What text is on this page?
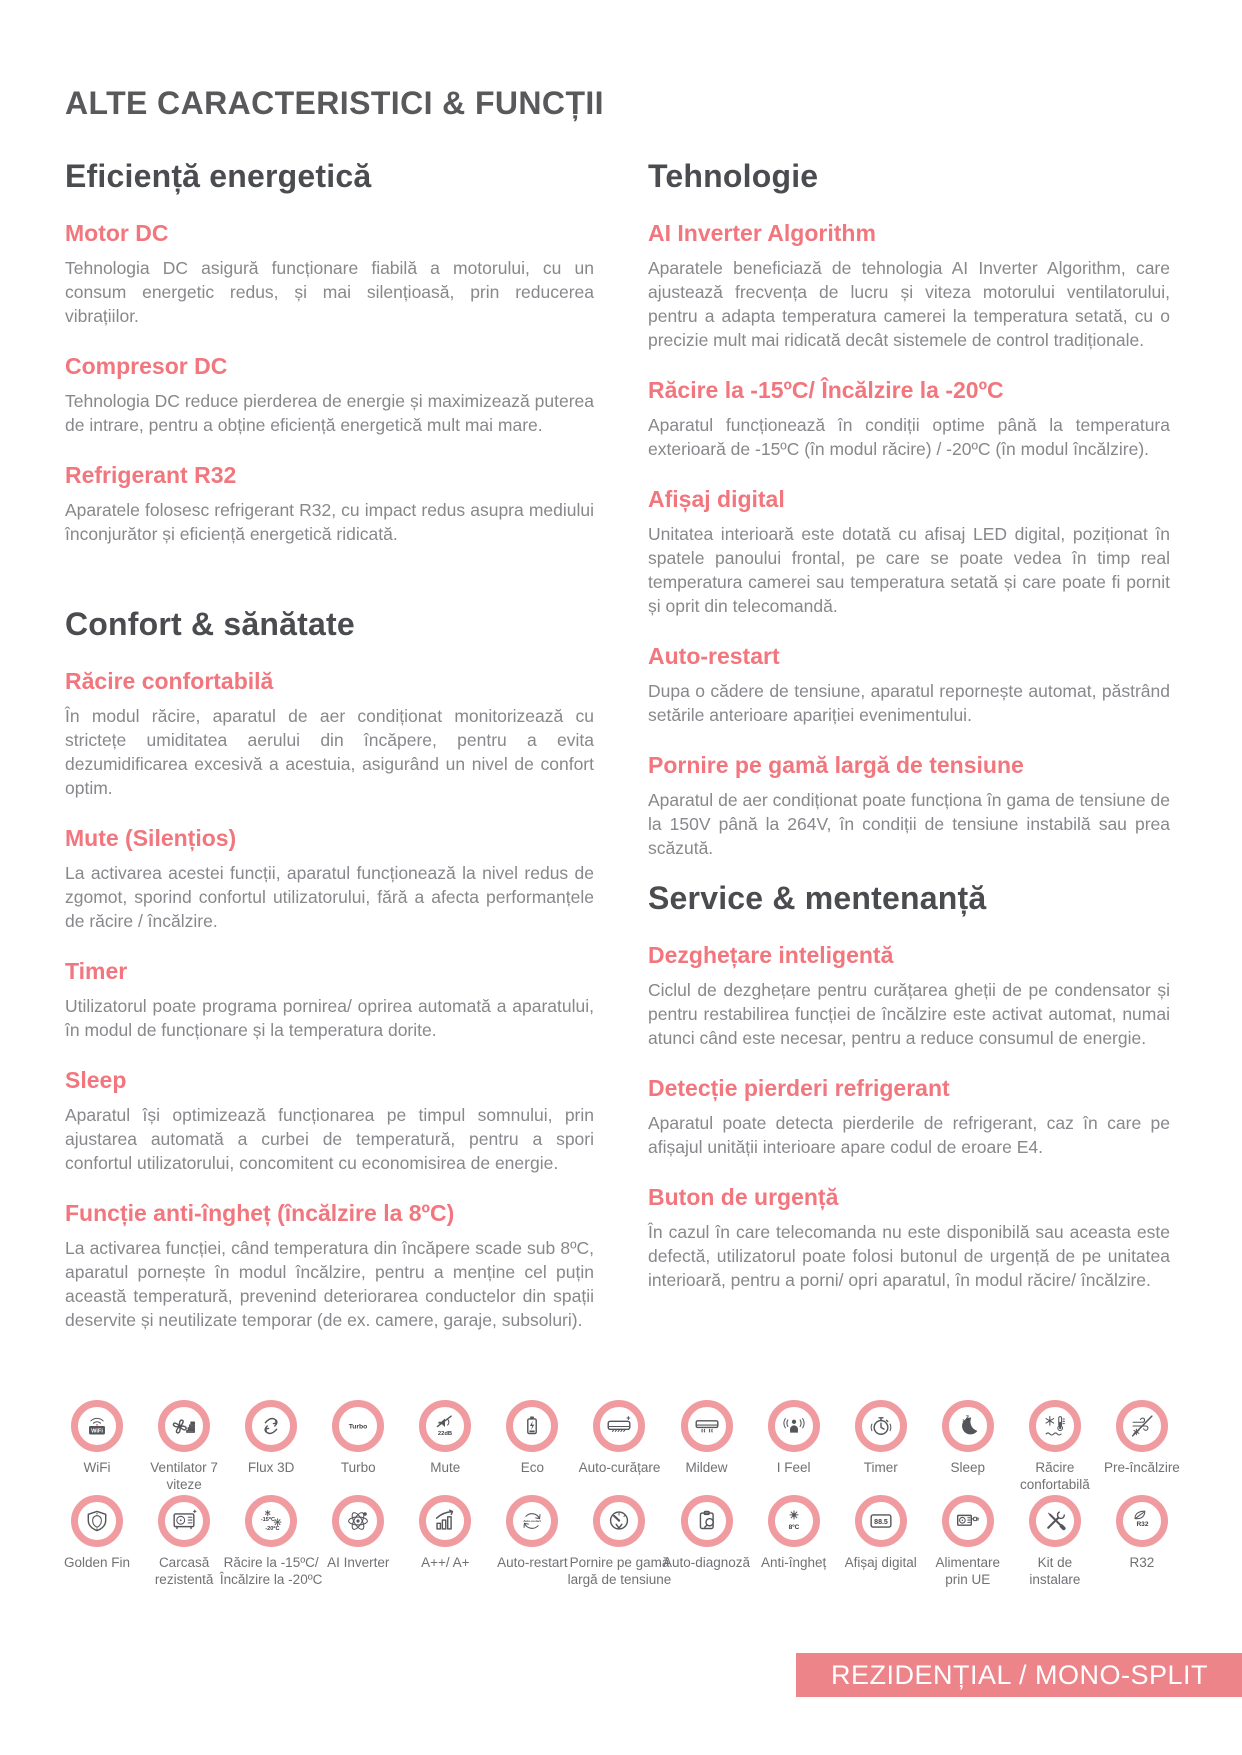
ALTE CARACTERISTICI & FUNCȚII
Eficiență energetică
Motor DC

Tehnologia DC asigură funcționare fiabilă a motorului, cu un consum energetic redus, și mai silențioasă, prin reducerea vibrațiilor.

Compresor DC

Tehnologia DC reduce pierderea de energie și maximizează puterea de intrare, pentru a obține eficiență energetică mult mai mare.

Refrigerant R32

Aparatele folosesc refrigerant R32, cu impact redus asupra mediului înconjurător și eficiență energetică ridicată.

Confort & sănătate
Răcire confortabilă

În modul răcire, aparatul de aer condiționat monitorizează cu strictețe umiditatea aerului din încăpere, pentru a evita dezumidificarea excesivă a acestuia, asigurând un nivel de confort optim.

Mute (Silențios)

La activarea acestei funcții, aparatul funcționează la nivel redus de zgomot, sporind confortul utilizatorului, fără a afecta performanțele de răcire / încălzire.

Timer

Utilizatorul poate programa pornirea/ oprirea automată a aparatului, în modul de funcționare și la temperatura dorite.

Sleep

Aparatul își optimizează funcționarea pe timpul somnului, prin ajustarea automată a curbei de temperatură, pentru a spori confortul utilizatorului, concomitent cu economisirea de energie.

Funcție anti-îngheț (încălzire la 8ºC)

La activarea funcției, când temperatura din încăpere scade sub 8ºC, aparatul pornește în modul încălzire, pentru a menține cel puțin această temperatură, prevenind deteriorarea conductelor din spații deservite și neutilizate temporar (de ex. camere, garaje, subsoluri).

Tehnologie
AI Inverter Algorithm

Aparatele beneficiază de tehnologia AI Inverter Algorithm, care ajustează frecvența de lucru și viteza motorului ventilatorului, pentru a adapta temperatura camerei la temperatura setată, cu o precizie mult mai ridicată decât sistemele de control tradiționale.

Răcire la -15ºC/ Încălzire la -20ºC

Aparatul funcționează în condiții optime până la temperatura exterioară de -15ºC (în modul răcire) / -20ºC (în modul încălzire).

Afișaj digital

Unitatea interioară este dotată cu afisaj LED digital, poziționat în spatele panoului frontal, pe care se poate vedea în timp real temperatura camerei sau temperatura setată și care poate fi pornit și oprit din telecomandă.

Auto-restart

Dupa o cădere de tensiune, aparatul repornește automat, păstrând setările anterioare apariției evenimentului.

Pornire pe gamă largă de tensiune

Aparatul de aer condiționat poate funcționa în gama de tensiune de la 150V până la 264V, în condiții de tensiune instabilă sau prea scăzută.

Service & mentenanță
Dezghețare inteligentă

Ciclul de dezghețare pentru curățarea gheții de pe condensator și pentru restabilirea funcției de încălzire este activat automat, numai atunci când este necesar, pentru a reduce consumul de energie.

Detecție pierderi refrigerant

Aparatul poate detecta pierderile de refrigerant, caz în care pe afișajul unității interioare apare codul de eroare E4.

Buton de urgență

În cazul în care telecomanda nu este disponibilă sau aceasta este defectă, utilizatorul poate folosi butonul de urgență de pe unitatea interioară, pentru a porni/ opri aparatul, în modul răcire/ încălzire.

WiFi
WiFi	Ventilator 7 viteze
Flux 3D
Turbo
Turbo
22dB
Mute	Eco	Auto-curățare	Mildew	I Feel	Timer
z Z
Sleep	Răcire confortabilă
Pre-încălzire
Golden Fin	Carcasă rezistentă
-15ºC
-20ºC
Răcire la -15ºC/ Încălzire la -20ºC
AI Inverter	A++/ A+
Auto-restart
Auto-restart Pornire pe gamă largă de tensiune
Auto-diagnoză
8ºC
Anti-îngheț
88.5
Afișaj digital	Alimentare prin UE
Kit de instalare
R32
R32
REZIDENȚIAL / MONO-SPLIT
